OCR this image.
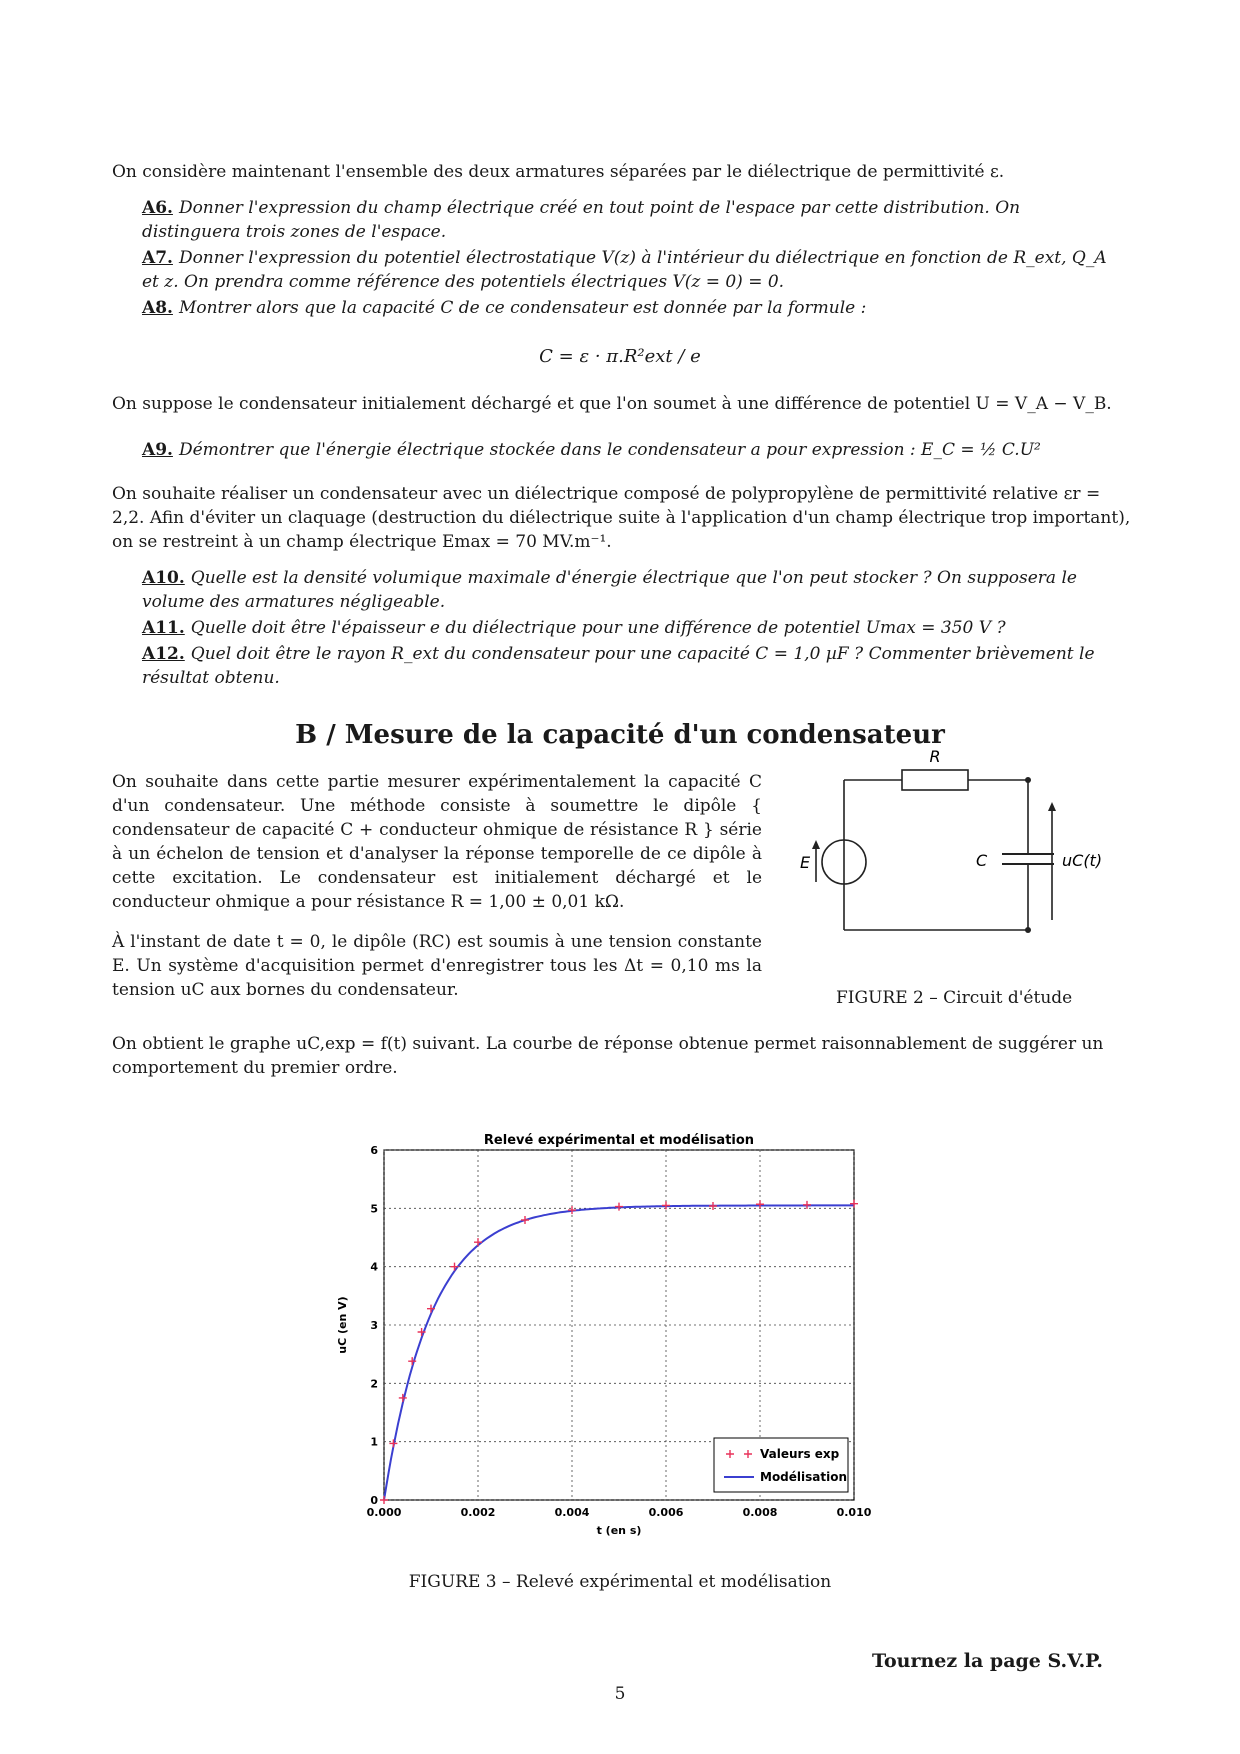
On considère maintenant l'ensemble des deux armatures séparées par le diélectrique de permittivité ε.
A6. Donner l'expression du champ électrique créé en tout point de l'espace par cette distribution. On distinguera trois zones de l'espace.
A7. Donner l'expression du potentiel électrostatique V(z) à l'intérieur du diélectrique en fonction de R_ext, Q_A et z. On prendra comme référence des potentiels électriques V(z = 0) = 0.
A8. Montrer alors que la capacité C de ce condensateur est donnée par la formule :
C = ε · π.R²ext / e
On suppose le condensateur initialement déchargé et que l'on soumet à une différence de potentiel U = V_A − V_B.
A9. Démontrer que l'énergie électrique stockée dans le condensateur a pour expression : E_C = ½ C.U²
On souhaite réaliser un condensateur avec un diélectrique composé de polypropylène de permittivité relative εr = 2,2. Afin d'éviter un claquage (destruction du diélectrique suite à l'application d'un champ électrique trop important), on se restreint à un champ électrique Emax = 70 MV.m⁻¹.
A10. Quelle est la densité volumique maximale d'énergie électrique que l'on peut stocker ? On supposera le volume des armatures négligeable.
A11. Quelle doit être l'épaisseur e du diélectrique pour une différence de potentiel Umax = 350 V ?
A12. Quel doit être le rayon R_ext du condensateur pour une capacité C = 1,0 µF ? Commenter brièvement le résultat obtenu.
B / Mesure de la capacité d'un condensateur
On souhaite dans cette partie mesurer expérimentalement la capacité C d'un condensateur. Une méthode consiste à soumettre le dipôle { condensateur de capacité C + conducteur ohmique de résistance R } série à un échelon de tension et d'analyser la réponse temporelle de ce dipôle à cette excitation. Le condensateur est initialement déchargé et le conducteur ohmique a pour résistance R = 1,00 ± 0,01 kΩ.
À l'instant de date t = 0, le dipôle (RC) est soumis à une tension constante E. Un système d'acquisition permet d'enregistrer tous les Δt = 0,10 ms la tension uC aux bornes du condensateur.
R
E	C	uC(t)
FIGURE 2 – Circuit d'étude
On obtient le graphe uC,exp = f(t) suivant. La courbe de réponse obtenue permet raisonnablement de suggérer un comportement du premier ordre.
0.000	0.002	0.004	0.006	0.008	0.010
0
1
2
3
4
5
6
Relevé expérimental et modélisation
t (en s)
uC (en V)
Valeurs exp
Modélisation
FIGURE 3 – Relevé expérimental et modélisation
5
Tournez la page S.V.P.
